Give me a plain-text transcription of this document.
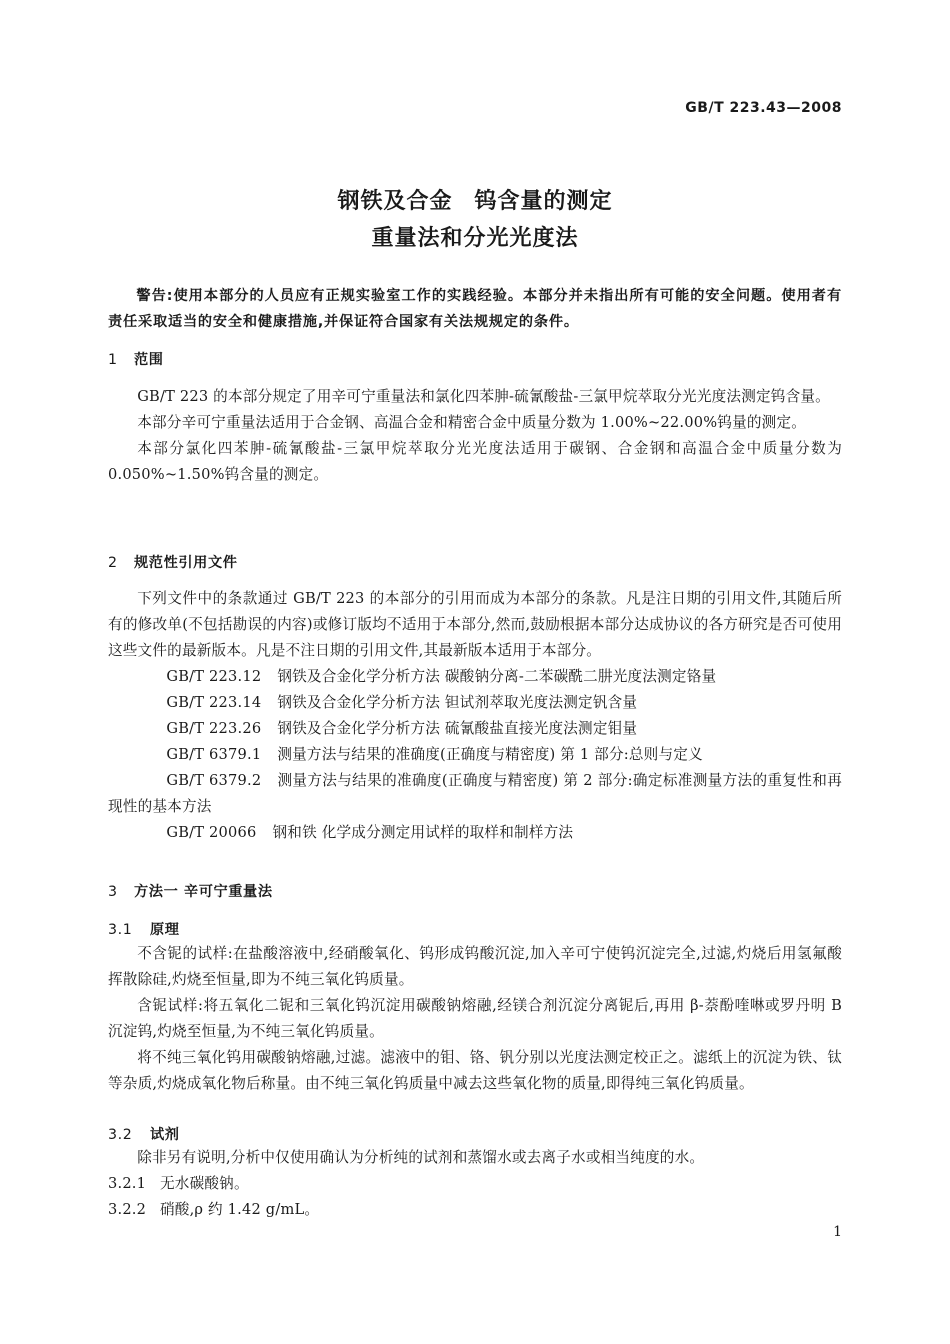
GB/T 223.43—2008
钢铁及合金 钨含量的测定
重量法和分光光度法
警告:使用本部分的人员应有正规实验室工作的实践经验。本部分并未指出所有可能的安全问题。使用者有责任采取适当的安全和健康措施,并保证符合国家有关法规规定的条件。
1 范围

GB/T 223 的本部分规定了用辛可宁重量法和氯化四苯胂-硫氰酸盐-三氯甲烷萃取分光光度法测定钨含量。

本部分辛可宁重量法适用于合金钢、高温合金和精密合金中质量分数为 1.00%~22.00%钨量的测定。

本部分氯化四苯胂-硫氰酸盐-三氯甲烷萃取分光光度法适用于碳钢、合金钢和高温合金中质量分数为 0.050%~1.50%钨含量的测定。

2 规范性引用文件

下列文件中的条款通过 GB/T 223 的本部分的引用而成为本部分的条款。凡是注日期的引用文件,其随后所有的修改单(不包括勘误的内容)或修订版均不适用于本部分,然而,鼓励根据本部分达成协议的各方研究是否可使用这些文件的最新版本。凡是不注日期的引用文件,其最新版本适用于本部分。

GB/T 223.12 钢铁及合金化学分析方法 碳酸钠分离-二苯碳酰二肼光度法测定铬量

GB/T 223.14 钢铁及合金化学分析方法 钽试剂萃取光度法测定钒含量

GB/T 223.26 钢铁及合金化学分析方法 硫氰酸盐直接光度法测定钼量

GB/T 6379.1 测量方法与结果的准确度(正确度与精密度) 第 1 部分:总则与定义

GB/T 6379.2 测量方法与结果的准确度(正确度与精密度) 第 2 部分:确定标准测量方法的重复性和再现性的基本方法

GB/T 20066 钢和铁 化学成分测定用试样的取样和制样方法

3 方法一 辛可宁重量法
3.1 原理

不含铌的试样:在盐酸溶液中,经硝酸氧化、钨形成钨酸沉淀,加入辛可宁使钨沉淀完全,过滤,灼烧后用氢氟酸挥散除硅,灼烧至恒量,即为不纯三氧化钨质量。

含铌试样:将五氧化二铌和三氧化钨沉淀用碳酸钠熔融,经镁合剂沉淀分离铌后,再用 β-萘酚喹啉或罗丹明 B 沉淀钨,灼烧至恒量,为不纯三氧化钨质量。

将不纯三氧化钨用碳酸钠熔融,过滤。滤液中的钼、铬、钒分别以光度法测定校正之。滤纸上的沉淀为铁、钛等杂质,灼烧成氧化物后称量。由不纯三氧化钨质量中减去这些氧化物的质量,即得纯三氧化钨质量。

3.2 试剂

除非另有说明,分析中仅使用确认为分析纯的试剂和蒸馏水或去离子水或相当纯度的水。

3.2.1 无水碳酸钠。

3.2.2 硝酸,ρ 约 1.42 g/mL。

1
